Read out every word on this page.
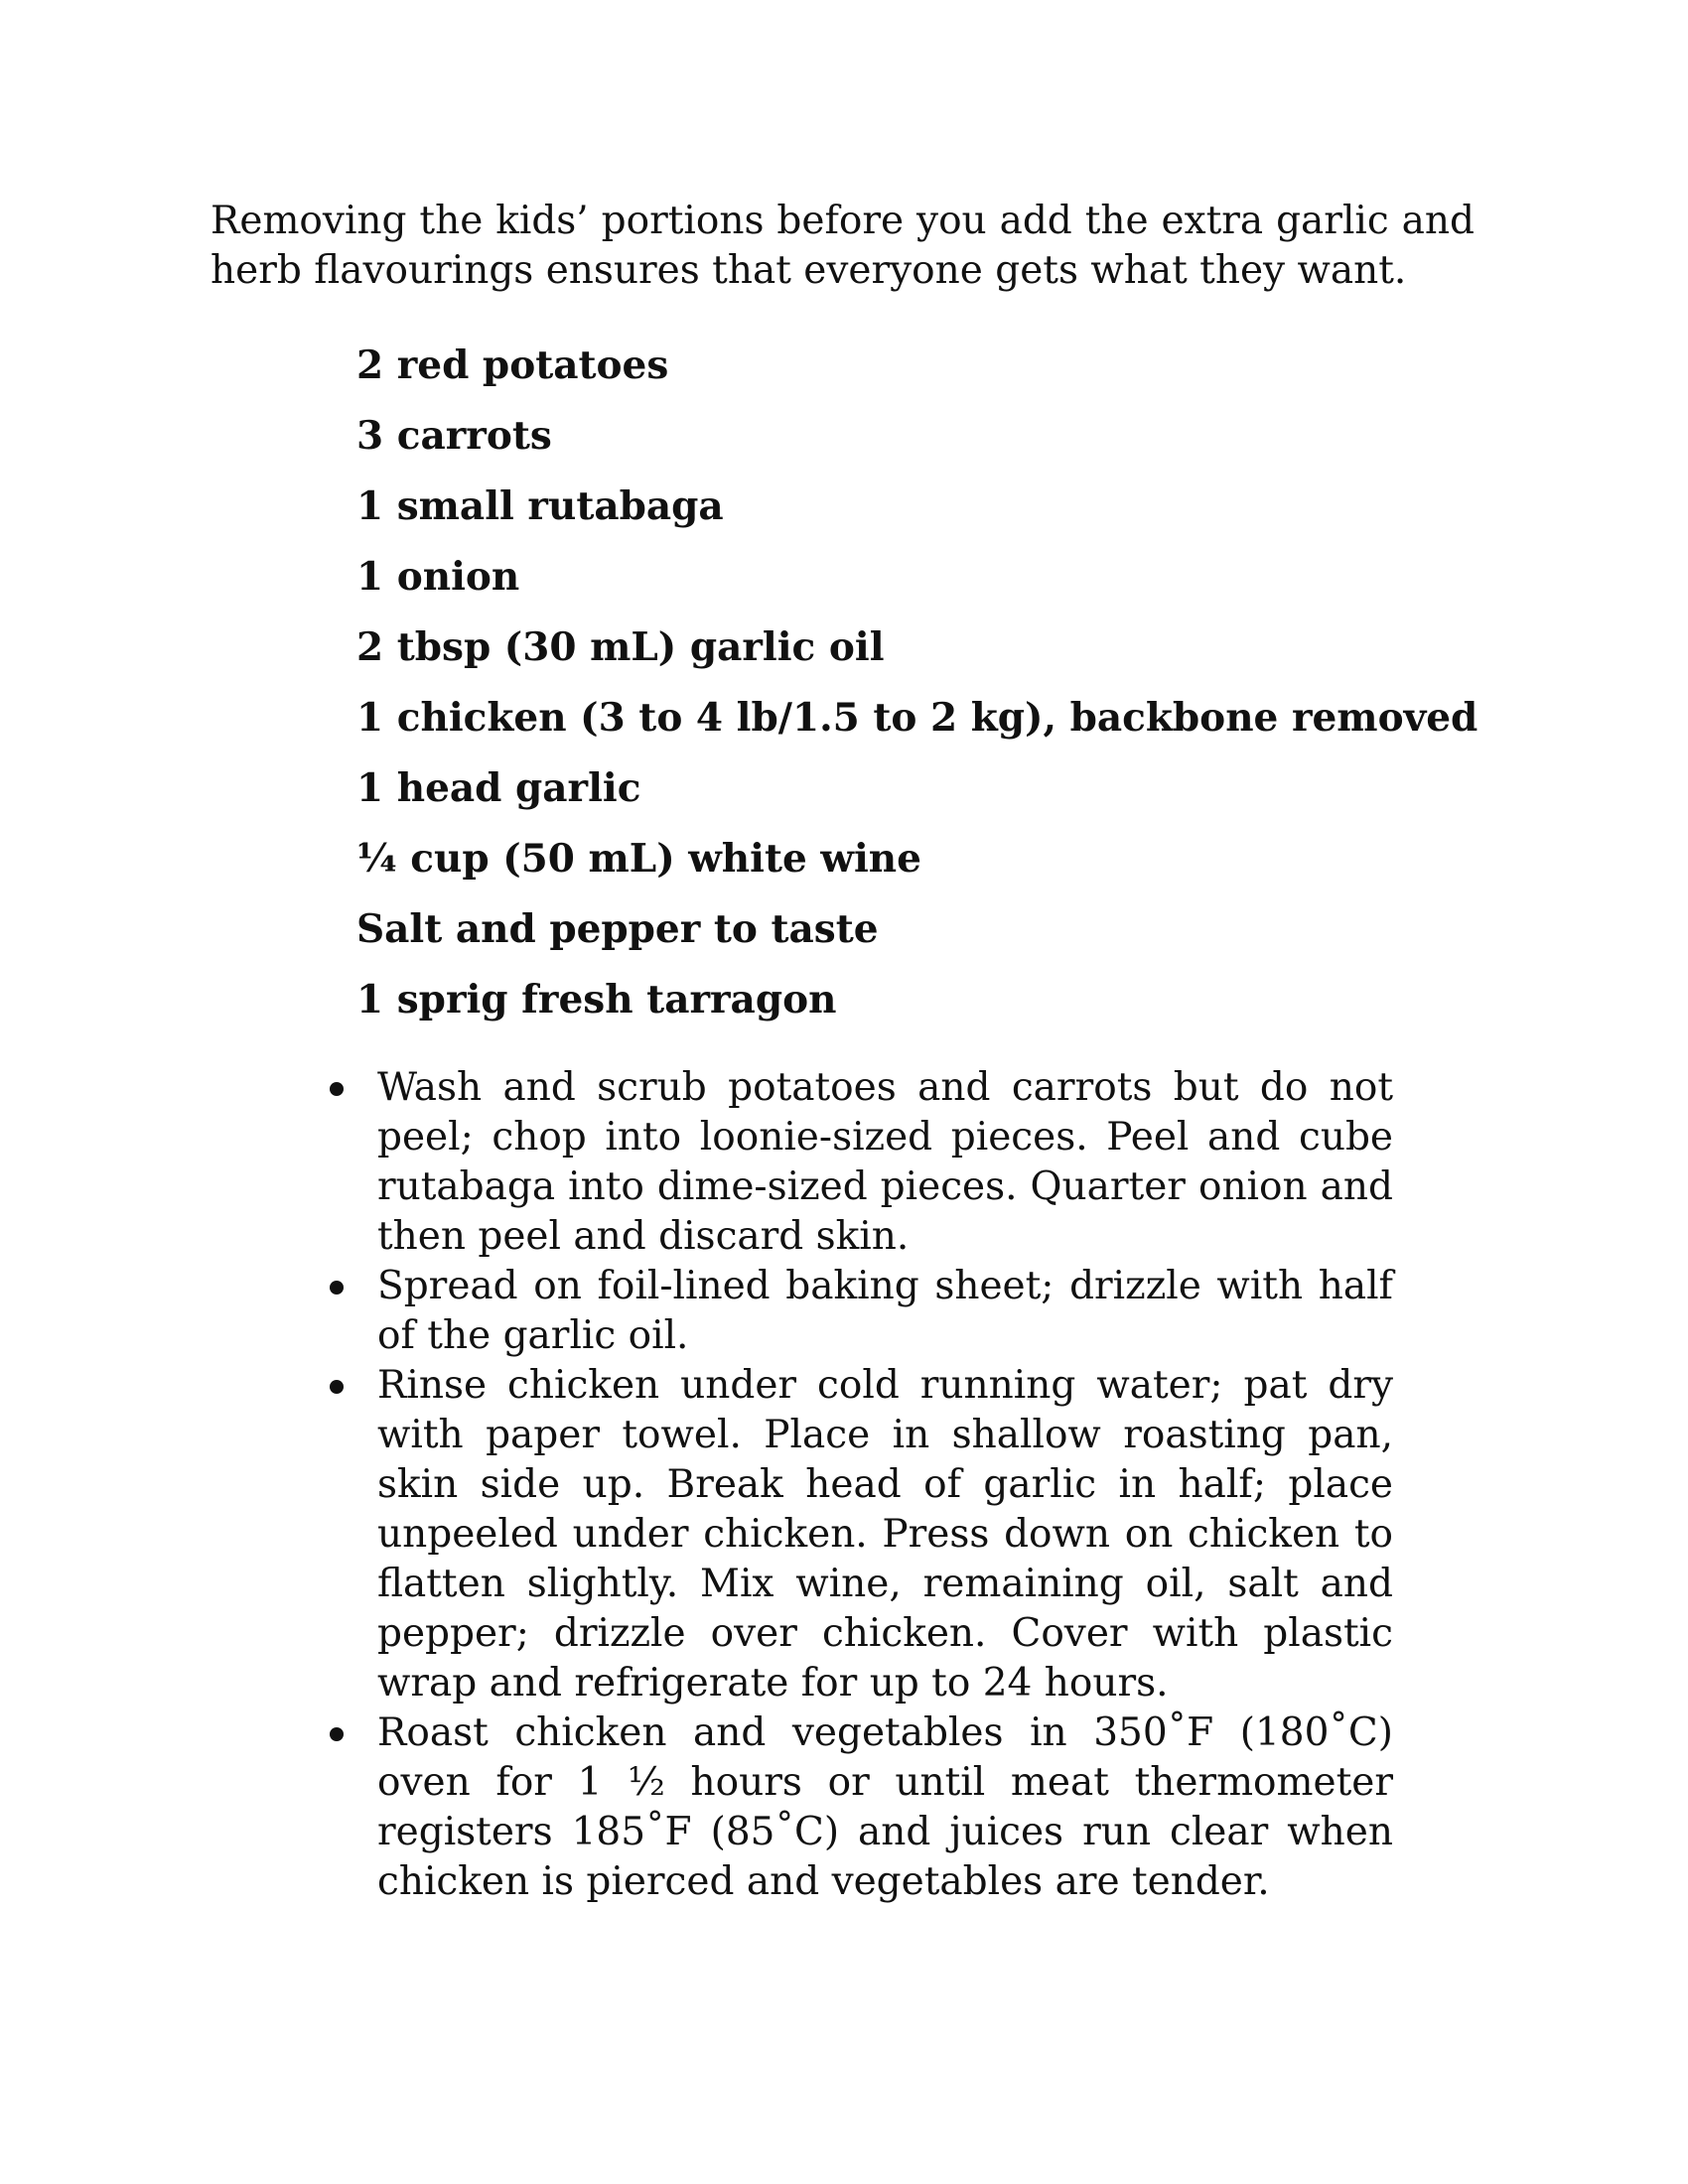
Removing the kids’ portions before you add the extra garlic and herb flavourings ensures that everyone gets what they want.

2 red potatoes
3 carrots
1 small rutabaga
1 onion
2 tbsp (30 mL) garlic oil
1 chicken (3 to 4 lb/1.5 to 2 kg), backbone removed
1 head garlic
¼ cup (50 mL) white wine
Salt and pepper to taste
1 sprig fresh tarragon
Wash and scrub potatoes and carrots but do not peel; chop into loonie-sized pieces. Peel and cube rutabaga into dime-sized pieces. Quarter onion and then peel and discard skin.
Spread on foil-lined baking sheet; drizzle with half of the garlic oil.
Rinse chicken under cold running water; pat dry with paper towel. Place in shallow roasting pan, skin side up. Break head of garlic in half; place unpeeled under chicken. Press down on chicken to flatten slightly. Mix wine, remaining oil, salt and pepper; drizzle over chicken. Cover with plastic wrap and refrigerate for up to 24 hours.
Roast chicken and vegetables in 350˚F (180˚C) oven for 1 ½ hours or until meat thermometer registers 185˚F (85˚C) and juices run clear when chicken is pierced and vegetables are tender.
